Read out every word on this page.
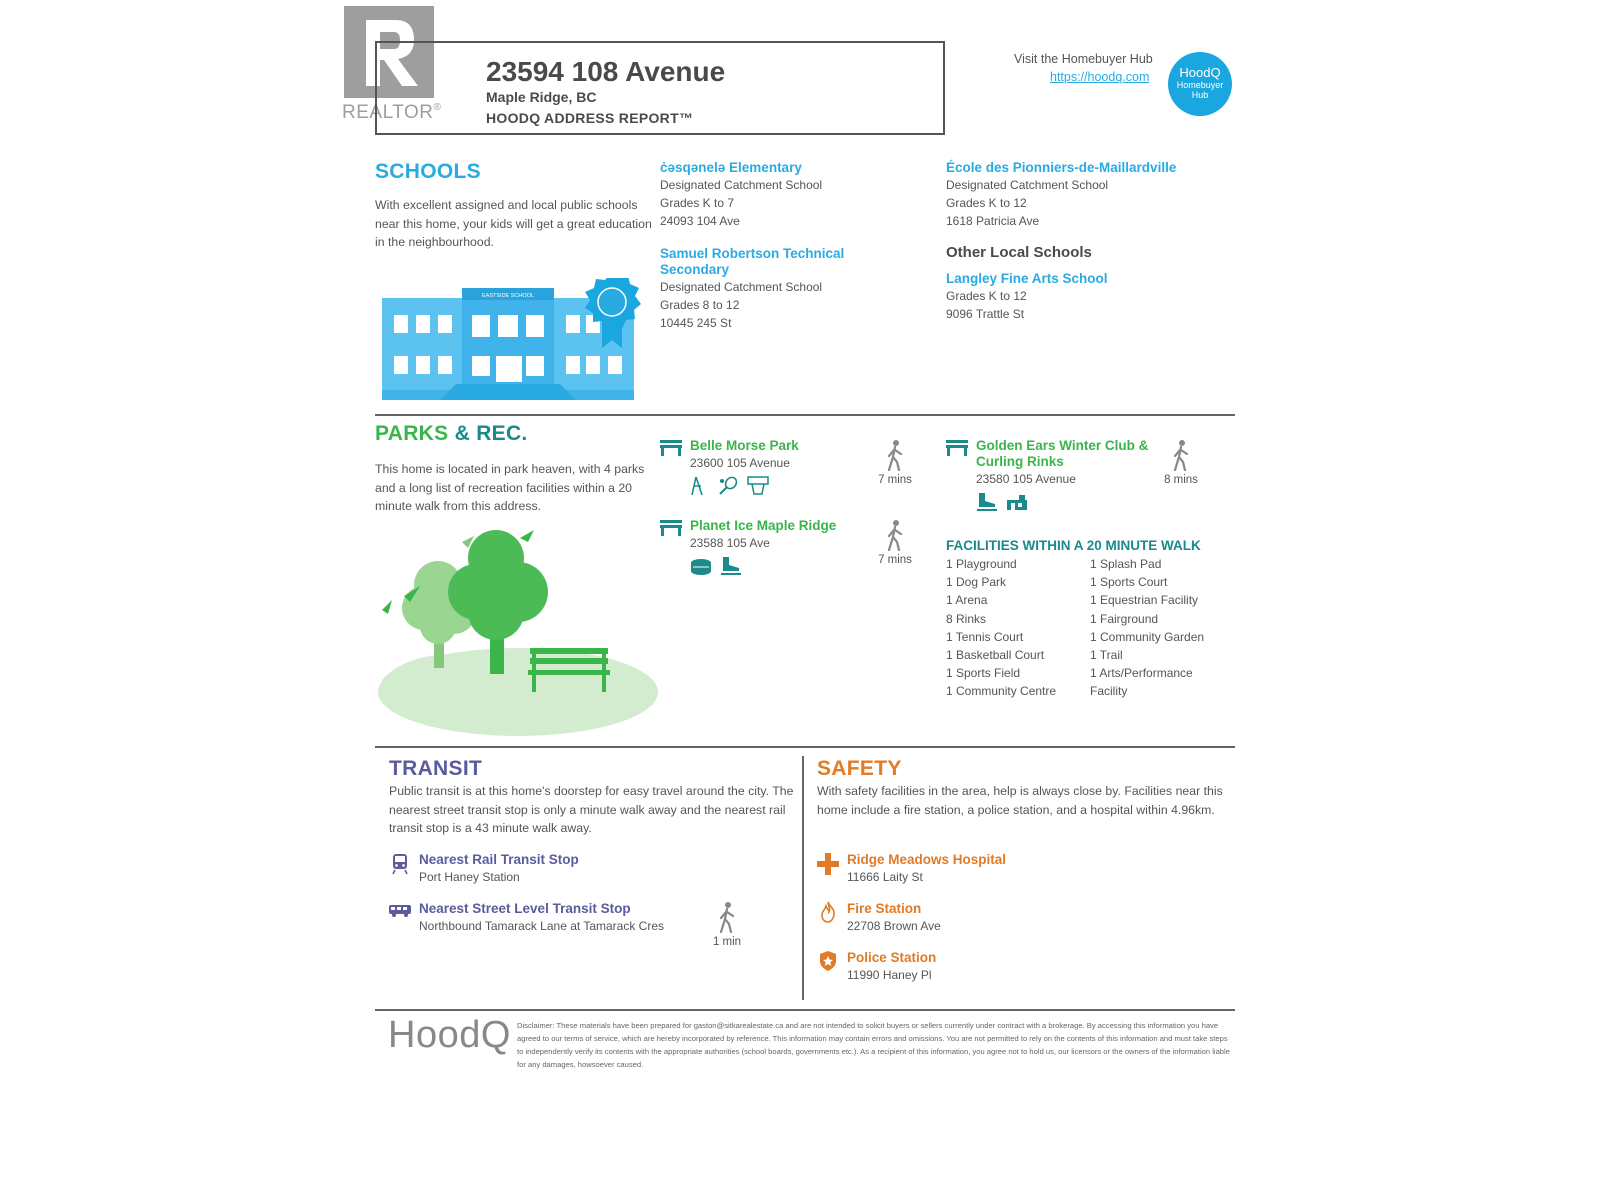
REALTOR®
23594 108 Avenue
Maple Ridge, BC
HOODQ ADDRESS REPORT™
Visit the Homebuyer Hub
https://hoodq.com	HoodQ
Homebuyer
Hub
SCHOOLS
With excellent assigned and local public schools near this home, your kids will get a great education in the neighbourhood.
EASTSIDE SCHOOL
ċəsqənelə Elementary
Designated Catchment School
Grades K to 7
24093 104 Ave
Samuel Robertson Technical Secondary
Designated Catchment School
Grades 8 to 12
10445 245 St
École des Pionniers-de-Maillardville
Designated Catchment School
Grades K to 12
1618 Patricia Ave
Other Local Schools
Langley Fine Arts School
Grades K to 12
9096 Trattle St
PARKS & REC.
This home is located in park heaven, with 4 parks and a long list of recreation facilities within a 20 minute walk from this address.
Belle Morse Park
23600 105 Avenue

7 mins
Planet Ice Maple Ridge
23588 105 Ave

7 mins
Golden Ears Winter Club & Curling Rinks
23580 105 Avenue
	8 mins
FACILITIES WITHIN A 20 MINUTE WALK
1 Playground
1 Dog Park
1 Arena
8 Rinks
1 Tennis Court
1 Basketball Court
1 Sports Field
1 Community Centre
1 Splash Pad
1 Sports Court
1 Equestrian Facility
1 Fairground
1 Community Garden
1 Trail
1 Arts/Performance
Facility
TRANSIT
Public transit is at this home's doorstep for easy travel around the city. The nearest street transit stop is only a minute walk away and the nearest rail transit stop is a 43 minute walk away.
Nearest Rail Transit Stop
Port Haney Station
Nearest Street Level Transit Stop
Northbound Tamarack Lane at Tamarack Cres
1 min
SAFETY
With safety facilities in the area, help is always close by. Facilities near this home include a fire station, a police station, and a hospital within 4.96km.
Ridge Meadows Hospital
11666 Laity St
Fire Station
22708 Brown Ave
Police Station
11990 Haney Pl
HoodQ Disclaimer: These materials have been prepared for gaston@sitkarealestate.ca and are not intended to solicit buyers or sellers currently under contract with a brokerage. By accessing this information you have agreed to our terms of service, which are hereby incorporated by reference. This information may contain errors and omissions. You are not permitted to rely on the contents of this information and must take steps to independently verify its contents with the appropriate authorities (school boards, governments etc.). As a recipient of this information, you agree not to hold us, our licensors or the owners of the information liable for any damages, howsoever caused.
